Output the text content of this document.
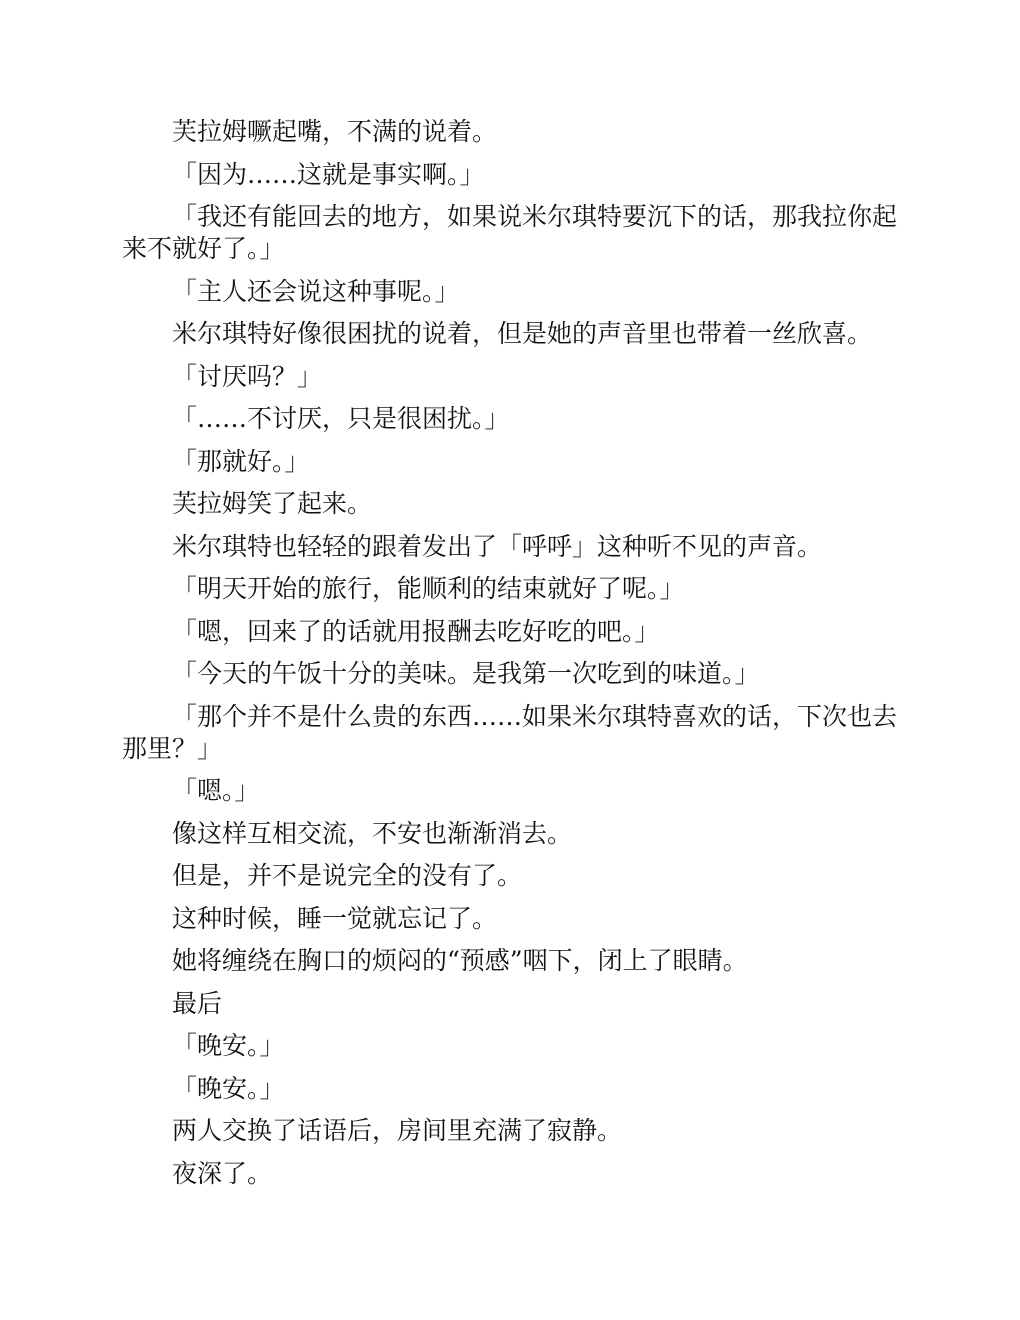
芙拉姆噘起嘴，不满的说着。

「因为……这就是事实啊。」

「我还有能回去的地方，如果说米尔琪特要沉下的话，那我拉你起来不就好了。」

「主人还会说这种事呢。」

米尔琪特好像很困扰的说着，但是她的声音里也带着一丝欣喜。

「讨厌吗？」

「……不讨厌，只是很困扰。」

「那就好。」

芙拉姆笑了起来。

米尔琪特也轻轻的跟着发出了「呼呼」这种听不见的声音。

「明天开始的旅行，能顺利的结束就好了呢。」

「嗯，回来了的话就用报酬去吃好吃的吧。」

「今天的午饭十分的美味。是我第一次吃到的味道。」

「那个并不是什么贵的东西……如果米尔琪特喜欢的话，下次也去那里？」

「嗯。」

像这样互相交流，不安也渐渐消去。

但是，并不是说完全的没有了。

这种时候，睡一觉就忘记了。

她将缠绕在胸口的烦闷的“预感”咽下，闭上了眼睛。

最后

「晚安。」

「晚安。」

两人交换了话语后，房间里充满了寂静。

夜深了。
